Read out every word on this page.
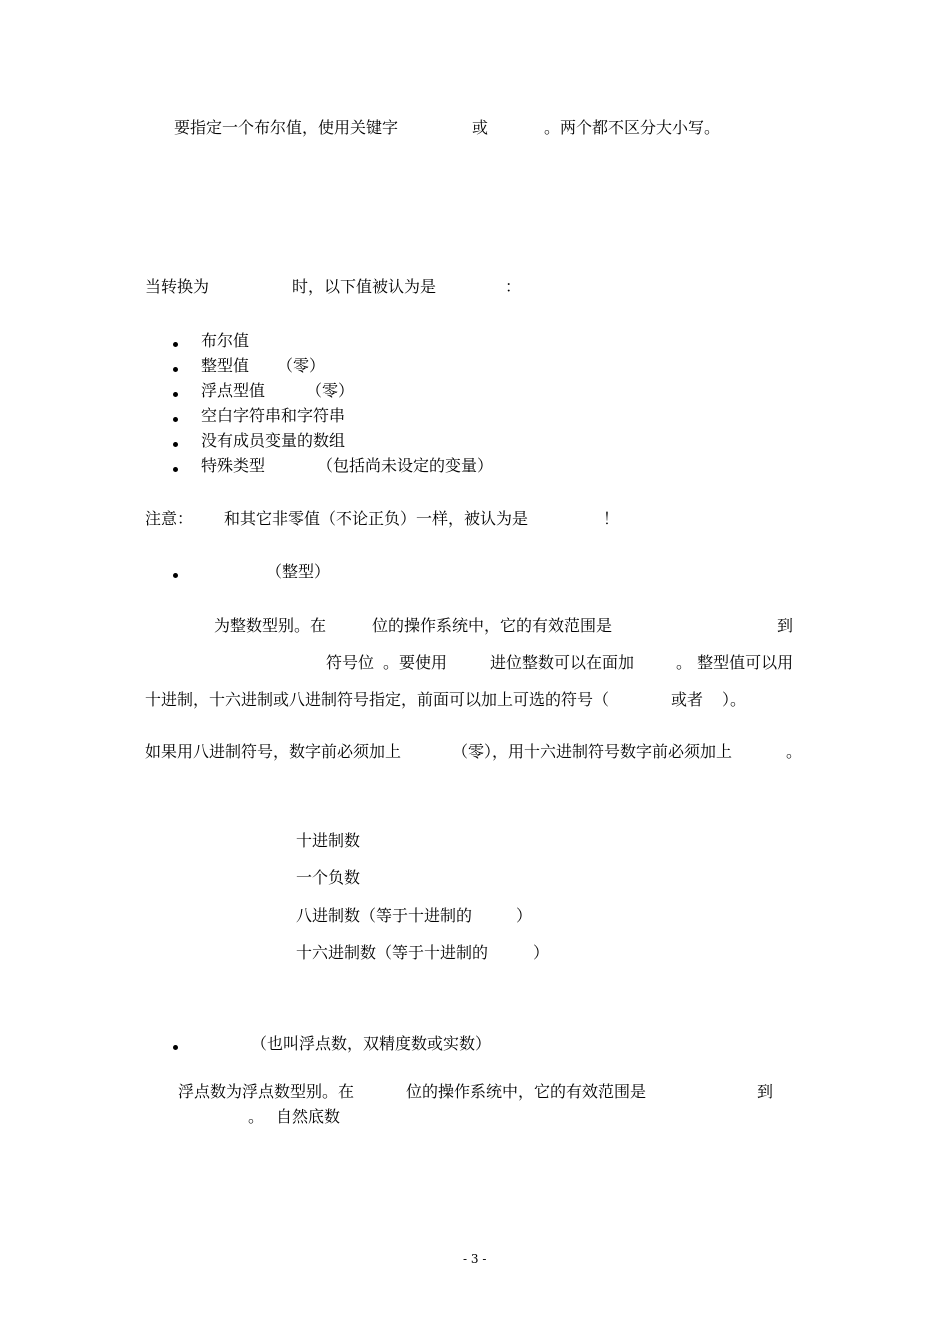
要指定一个布尔值，使用关键字	或	。两个都不区分大小写。
当转换为	时，以下值被认为是	：
布尔值
整型值 （零）
浮点型值	（零）
空白字符串和字符串
没有成员变量的数组
特殊类型	（包括尚未设定的变量）
注意： 和其它非零值（不论正负）一样，被认为是	！
（整型）
为整数型别。在	位的操作系统中，它的有效范围是	到
符号位 。要使用	进位整数可以在面加	。 整型值可以用
十进制，十六进制或八进制符号指定，前面可以加上可选的符号（	或者 ）。
如果用八进制符号，数字前必须加上	（零），用十六进制符号数字前必须加上	。
十进制数
一个负数
八进制数（等于十进制的	）
十六进制数（等于十进制的	）
（也叫浮点数，双精度数或实数）
浮点数为浮点数型别。在	位的操作系统中，它的有效范围是	到
。 自然底数
- 3 -
